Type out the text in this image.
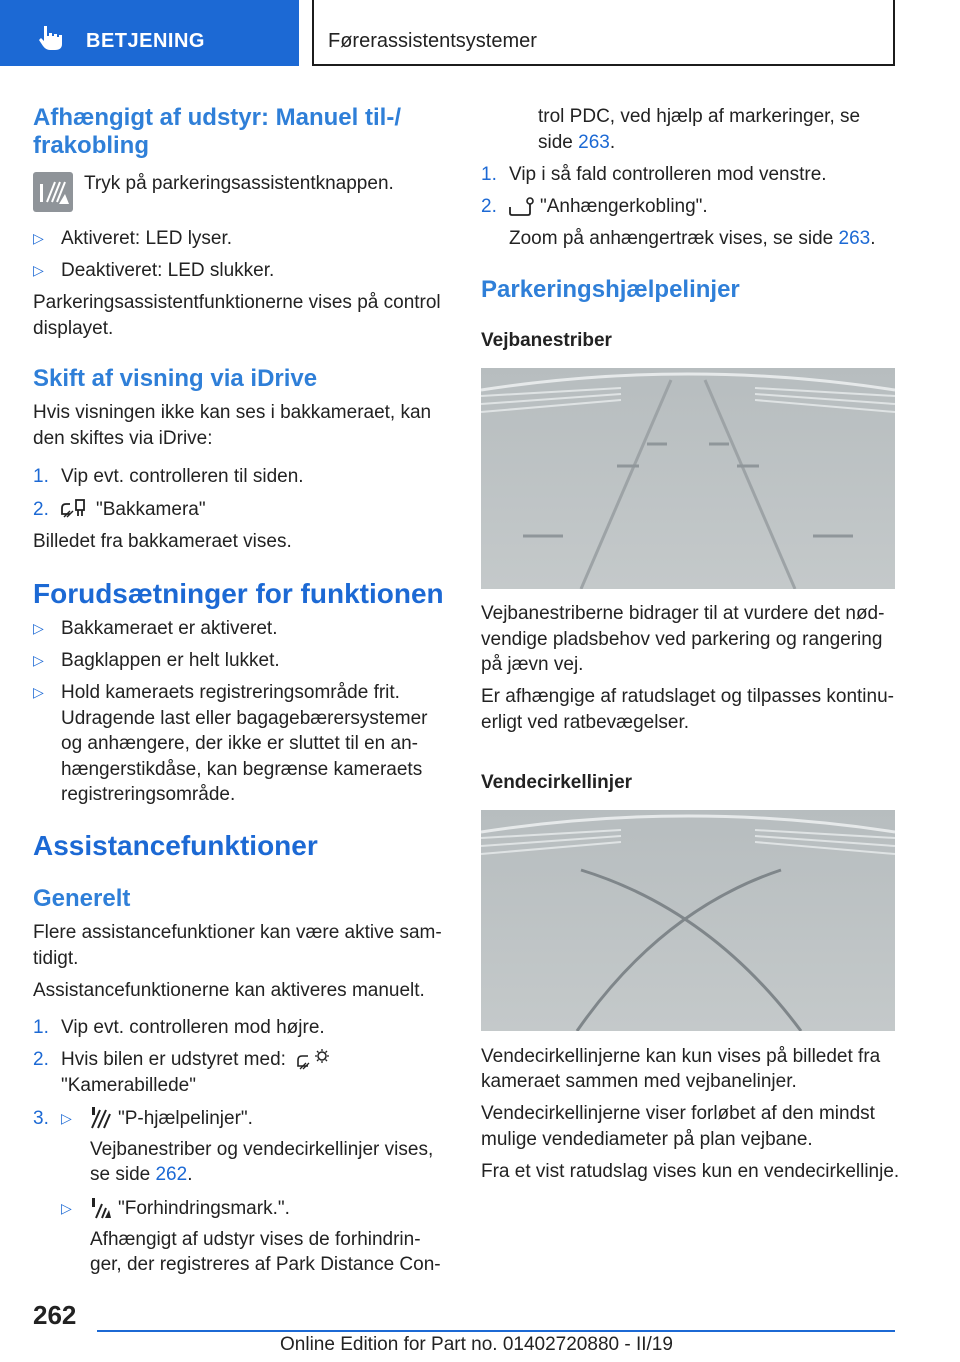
BETJENING	Førerassistentsystemer
Afhængigt af udstyr: Manuel til-/
frakobling
Tryk på parkeringsassistentknappen.
▷ Aktiveret: LED lyser.
▷ Deaktiveret: LED slukker.
Parkeringsassistentfunktionerne vises på control
displayet.
Skift af visning via iDrive
Hvis visningen ikke kan ses i bakkameraet, kan
den skiftes via iDrive:
1. Vip evt. controlleren til siden.
2. "Bakkamera"
Billedet fra bakkameraet vises.
Forudsætninger for funktionen
▷ Bakkameraet er aktiveret.
▷ Bagklappen er helt lukket.
▷ Hold kameraets registreringsområde frit.
Udragende last eller bagagebærersystemer
og anhængere, der ikke er sluttet til en an-
hængerstikdåse, kan begrænse kameraets
registreringsområde.
Assistancefunktioner
Generelt
Flere assistancefunktioner kan være aktive sam-
tidigt.
Assistancefunktionerne kan aktiveres manuelt.
1. Vip evt. controlleren mod højre.
2. Hvis bilen er udstyret med:
"Kamerabillede"
3. ▷ "P-hjælpelinjer".
Vejbanestriber og vendecirkellinjer vises,
se side 262.
▷ "Forhindringsmark.".
Afhængigt af udstyr vises de forhindrin-
ger, der registreres af Park Distance Con-
trol PDC, ved hjælp af markeringer, se
side 263.
1. Vip i så fald controlleren mod venstre.
2. "Anhængerkobling".
Zoom på anhængertræk vises, se side 263.
Parkeringshjælpelinjer
Vejbanestriber
Vejbanestriberne bidrager til at vurdere det nød-
vendige pladsbehov ved parkering og rangering
på jævn vej.
Er afhængige af ratudslaget og tilpasses kontinu-
erligt ved ratbevægelser.
Vendecirkellinjer
Vendecirkellinjerne kan kun vises på billedet fra
kameraet sammen med vejbanelinjer.
Vendecirkellinjerne viser forløbet af den mindst
mulige vendediameter på plan vejbane.
Fra et vist ratudslag vises kun en vendecirkellinje.
262
Online Edition for Part no. 01402720880 - II/19
